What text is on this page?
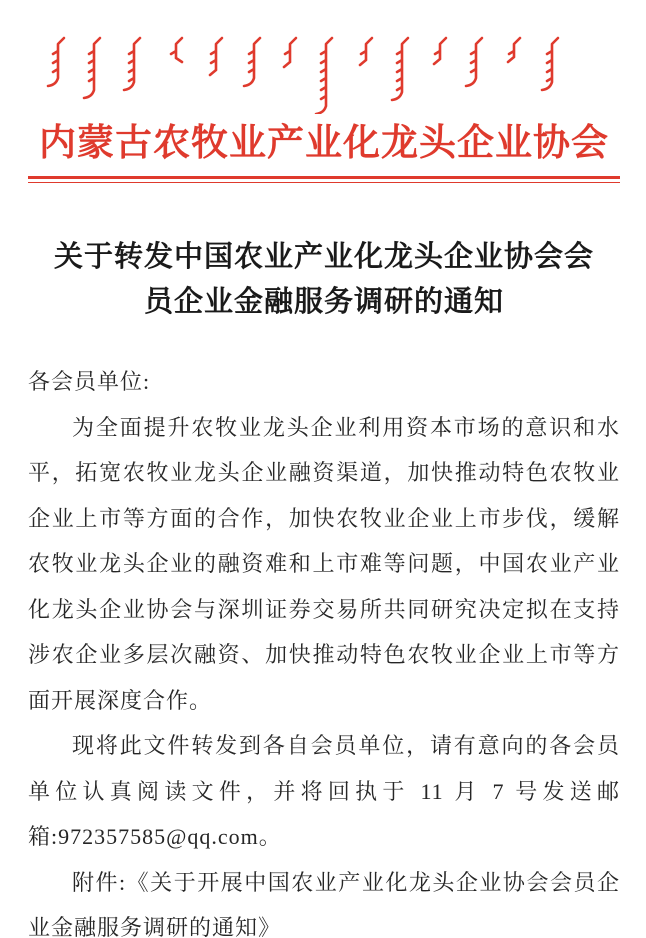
内蒙古农牧业产业化龙头企业协会
关于转发中国农业产业化龙头企业协会会
员企业金融服务调研的通知

各会员单位:

为全面提升农牧业龙头企业利用资本市场的意识和水平，拓宽农牧业龙头企业融资渠道，加快推动特色农牧业企业上市等方面的合作，加快农牧业企业上市步伐，缓解农牧业龙头企业的融资难和上市难等问题，中国农业产业化龙头企业协会与深圳证券交易所共同研究决定拟在支持涉农企业多层次融资、加快推动特色农牧业企业上市等方面开展深度合作。

现将此文件转发到各自会员单位，请有意向的各会员单位认真阅读文件，并将回执于 11 月 7 号发送邮箱:972357585@qq.com。

附件:《关于开展中国农业产业化龙头企业协会会员企业金融服务调研的通知》
